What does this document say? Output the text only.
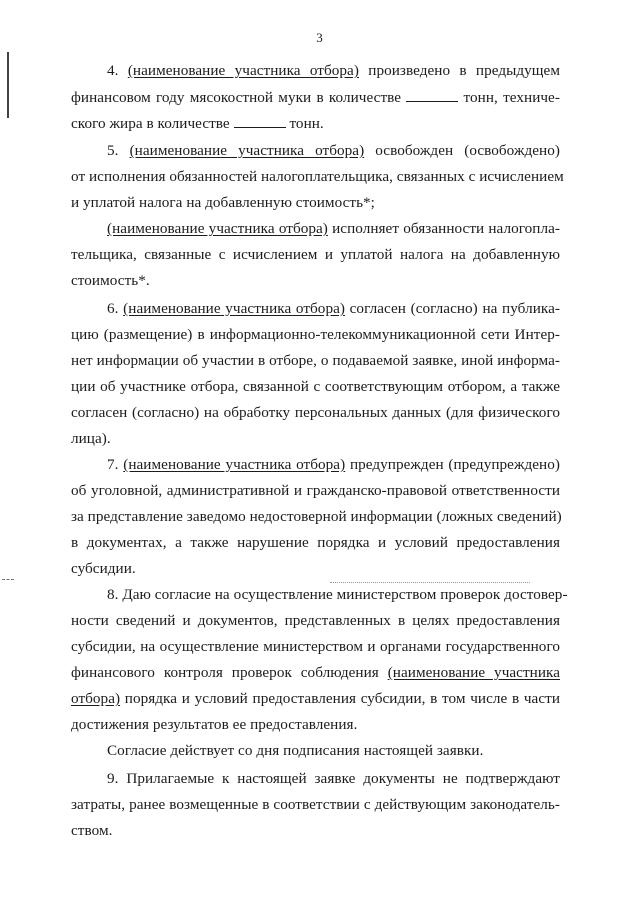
3
4. (наименование участника отбора) произведено в предыдущем
финансовом году мясокостной муки в количестве	тонн, техниче-
ского жира в количестве	тонн.
5. (наименование участника отбора) освобожден (освобождено)
от исполнения обязанностей налогоплательщика, связанных с исчислением
и уплатой налога на добавленную стоимость*;
(наименование участника отбора) исполняет обязанности налогопла-
тельщика, связанные с исчислением и уплатой налога на добавленную
стоимость*.
6. (наименование участника отбора) согласен (согласно) на публика-
цию (размещение) в информационно-телекоммуникационной сети Интер-
нет информации об участии в отборе, о подаваемой заявке, иной информа-
ции об участнике отбора, связанной с соответствующим отбором, а также
согласен (согласно) на обработку персональных данных (для физического
лица).
7. (наименование участника отбора) предупрежден (предупреждено)
об уголовной, административной и гражданско-правовой ответственности
за представление заведомо недостоверной информации (ложных сведений)
в документах, а также нарушение порядка и условий предоставления
субсидии.
8. Даю согласие на осуществление министерством проверок достовер-
ности сведений и документов, представленных в целях предоставления
субсидии, на осуществление министерством и органами государственного
финансового контроля проверок соблюдения (наименование участника
отбора) порядка и условий предоставления субсидии, в том числе в части
достижения результатов ее предоставления.
Согласие действует со дня подписания настоящей заявки.
9. Прилагаемые к настоящей заявке документы не подтверждают
затраты, ранее возмещенные в соответствии с действующим законодатель-
ством.
